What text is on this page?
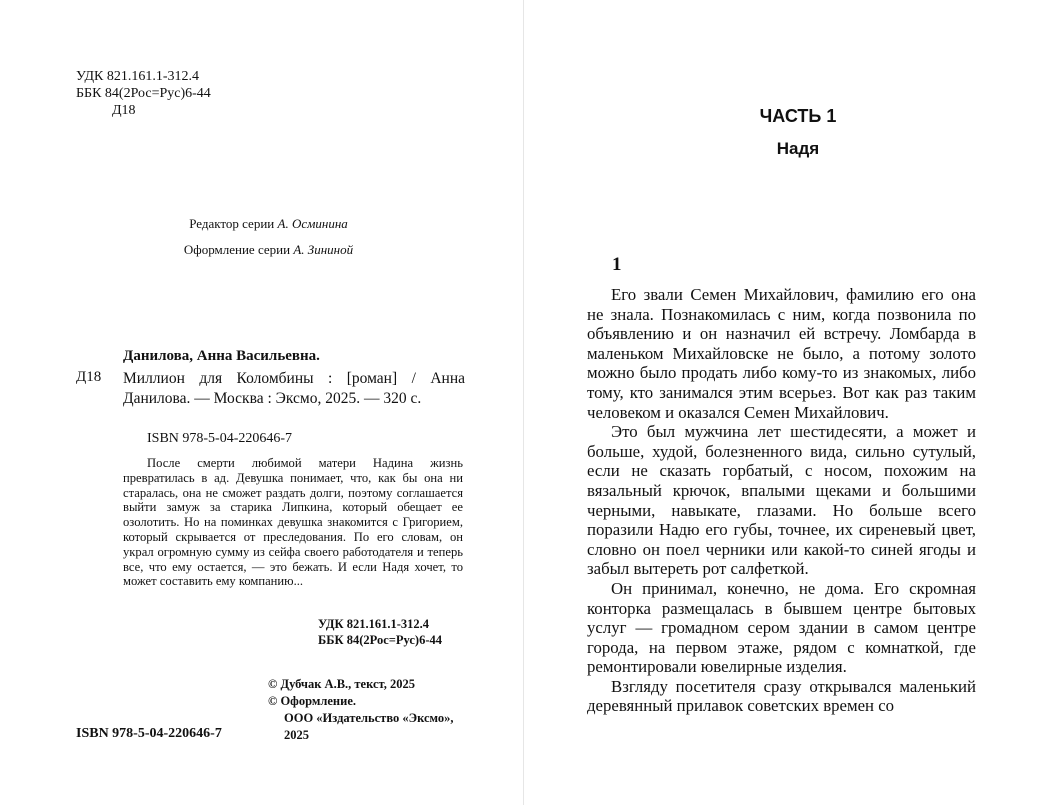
УДК 821.161.1-312.4
ББК 84(2Рос=Рус)6-44
Д18
Редактор серии А. Осминина
Оформление серии А. Зининой
Данилова, Анна Васильевна.
Д18 Миллион для Коломбины : [роман] / Анна Данилова. — Москва : Эксмо, 2025. — 320 с.
ISBN 978-5-04-220646-7
После смерти любимой матери Надина жизнь превратилась в ад. Девушка понимает, что, как бы она ни старалась, она не сможет раздать долги, поэтому соглашается выйти замуж за старика Липкина, который обещает ее озолотить. Но на поминках девушка знакомится с Григорием, который скрывается от преследования. По его словам, он украл огромную сумму из сейфа своего работодателя и теперь все, что ему остается, — это бежать. И если Надя хочет, то может составить ему компанию...
УДК 821.161.1-312.4
ББК 84(2Рос=Рус)6-44
© Дубчак А.В., текст, 2025
© Оформление.
ООО «Издательство «Эксмо»,
2025
ISBN 978-5-04-220646-7
ЧАСТЬ 1
Надя
1

Его звали Семен Михайлович, фамилию его она не знала. Познакомилась с ним, когда позвонила по объявлению и он назначил ей встречу. Ломбарда в маленьком Михайловске не было, а потому золото можно было продать либо кому-то из знакомых, либо тому, кто занимался этим всерьез. Вот как раз таким человеком и оказался Семен Михайлович.

Это был мужчина лет шестидесяти, а может и больше, худой, болезненного вида, сильно сутулый, если не сказать горбатый, с носом, похожим на вязальный крючок, впалыми щеками и большими черными, навыкате, глазами. Но больше всего поразили Надю его губы, точнее, их сиреневый цвет, словно он поел черники или какой-то синей ягоды и забыл вытереть рот салфеткой.

Он принимал, конечно, не дома. Его скромная конторка размещалась в бывшем центре бытовых услуг — громадном сером здании в самом центре города, на первом этаже, рядом с комнаткой, где ремонтировали ювелирные изделия.

Взгляду посетителя сразу открывался маленький деревянный прилавок советских времен со
